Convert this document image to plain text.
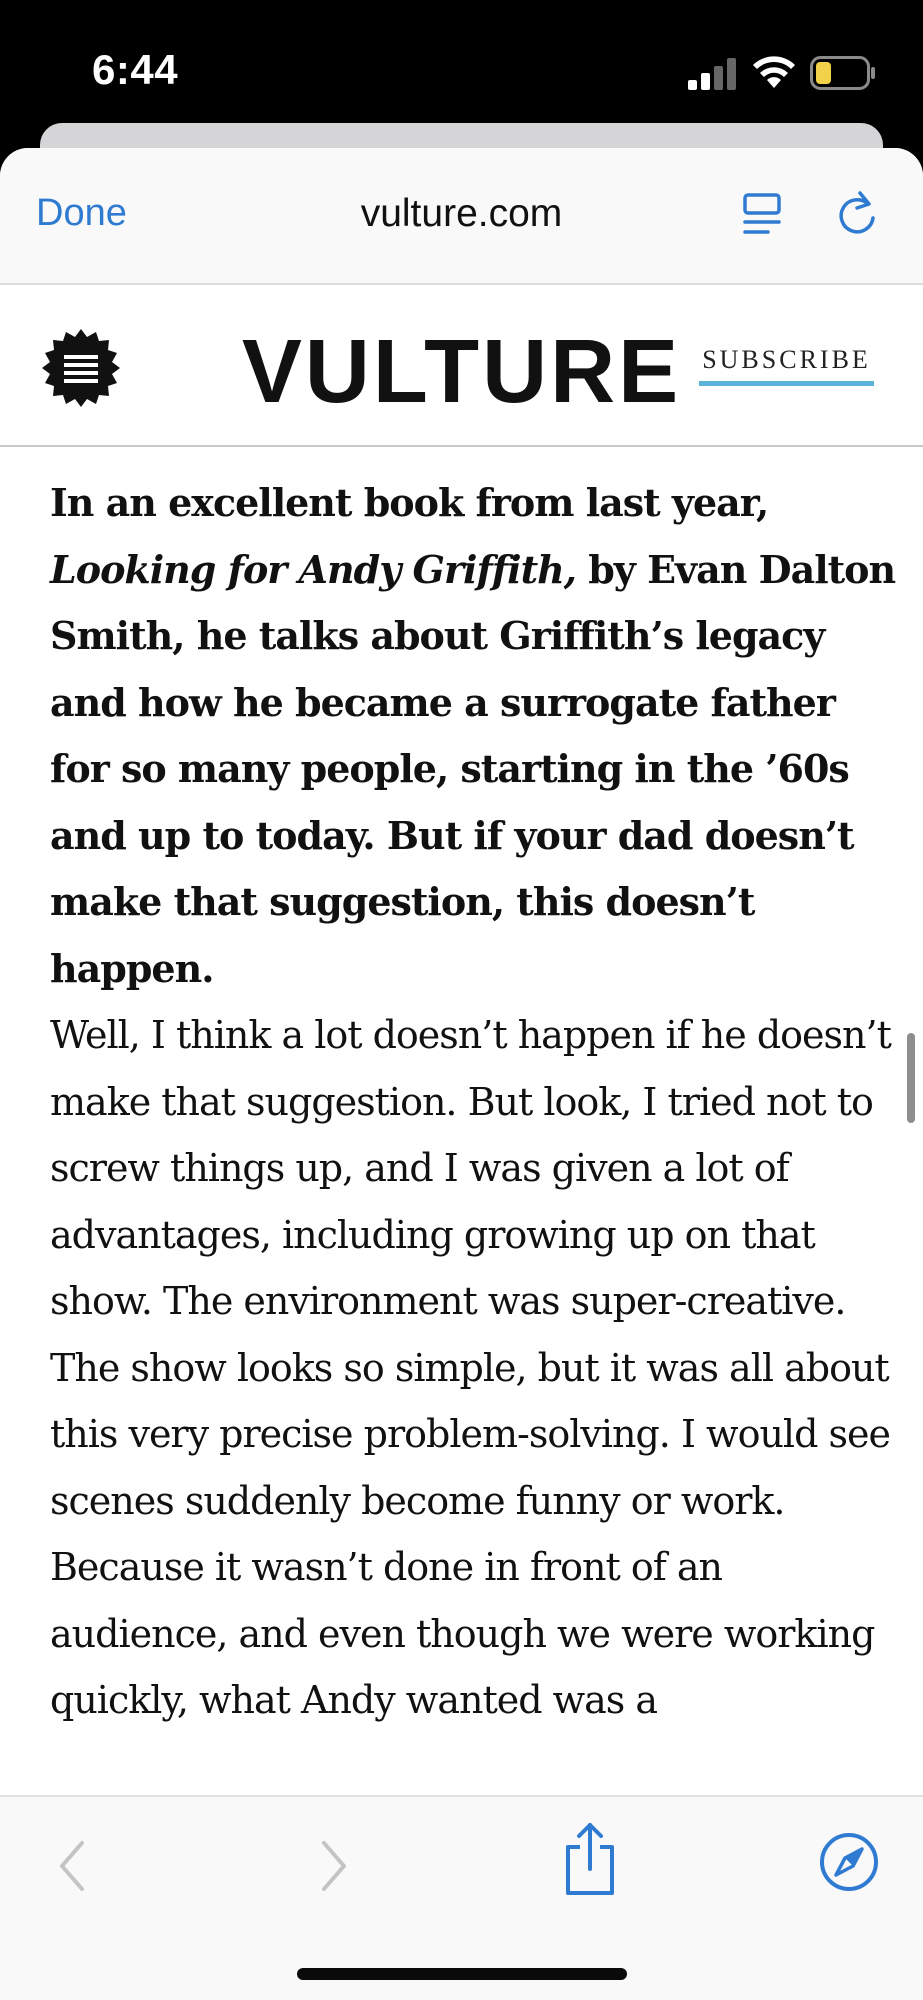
6:44
Done	vulture.com
VULTURE SUBSCRIBE

In an excellent book from last year, Looking for Andy Griffith, by Evan Dalton Smith, he talks about Griffith’s legacy and how he became a surrogate father for so many people, starting in the ’60s and up to today. But if your dad doesn’t make that suggestion, this doesn’t happen.

Well, I think a lot doesn’t happen if he doesn’t make that suggestion. But look, I tried not to screw things up, and I was given a lot of advantages, including growing up on that show. The environment was super-creative. The show looks so simple, but it was all about this very precise problem-solving. I would see scenes suddenly become funny or work. Because it wasn’t done in front of an audience, and even though we were working quickly, what Andy wanted was a
